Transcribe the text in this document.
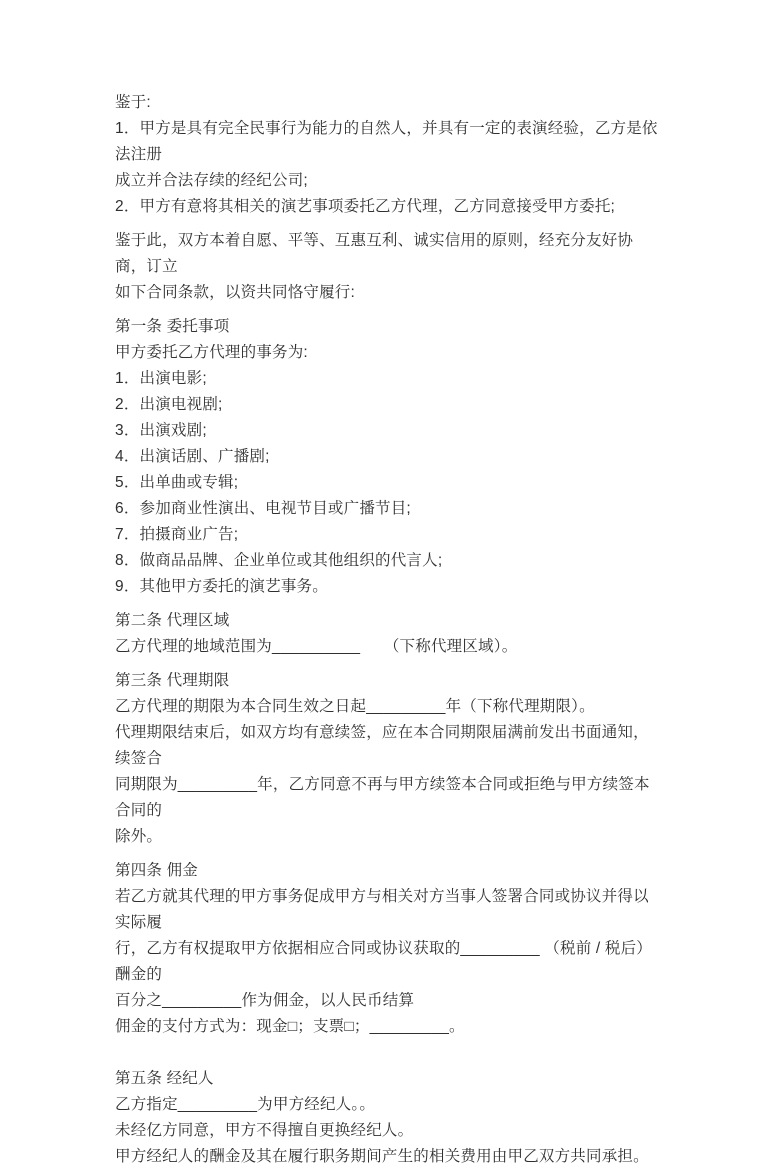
鉴于:
1．甲方是具有完全民事行为能力的自然人，并具有一定的表演经验，乙方是依法注册
成立并合法存续的经纪公司;
2．甲方有意将其相关的演艺事项委托乙方代理，乙方同意接受甲方委托;
鉴于此，双方本着自愿、平等、互惠互利、诚实信用的原则，经充分友好协商，订立
如下合同条款，以资共同恪守履行:
第一条 委托事项
甲方委托乙方代理的事务为:
1．出演电影;
2．出演电视剧;
3．出演戏剧;
4．出演话剧、广播剧;
5．出单曲或专辑;
6．参加商业性演出、电视节目或广播节目;
7．拍摄商业广告;
8．做商品品牌、企业单位或其他组织的代言人;
9．其他甲方委托的演艺事务。
第二条 代理区域
乙方代理的地域范围为__________　　（下称代理区域）。
第三条 代理期限
乙方代理的期限为本合同生效之日起_________年（下称代理期限）。
代理期限结束后，如双方均有意续签，应在本合同期限届满前发出书面通知，续签合
同期限为_________年，乙方同意不再与甲方续签本合同或拒绝与甲方续签本合同的
除外。
第四条 佣金
若乙方就其代理的甲方事务促成甲方与相关对方当事人签署合同或协议并得以实际履
行，乙方有权提取甲方依据相应合同或协议获取的_________ （税前 / 税后）酬金的
百分之_________作为佣金，以人民币结算
佣金的支付方式为：现金□；支票□；_________。
第五条 经纪人
乙方指定_________为甲方经纪人。。
未经亿方同意，甲方不得擅自更换经纪人。
甲方经纪人的酬金及其在履行职务期间产生的相关费用由甲乙双方共同承担。
